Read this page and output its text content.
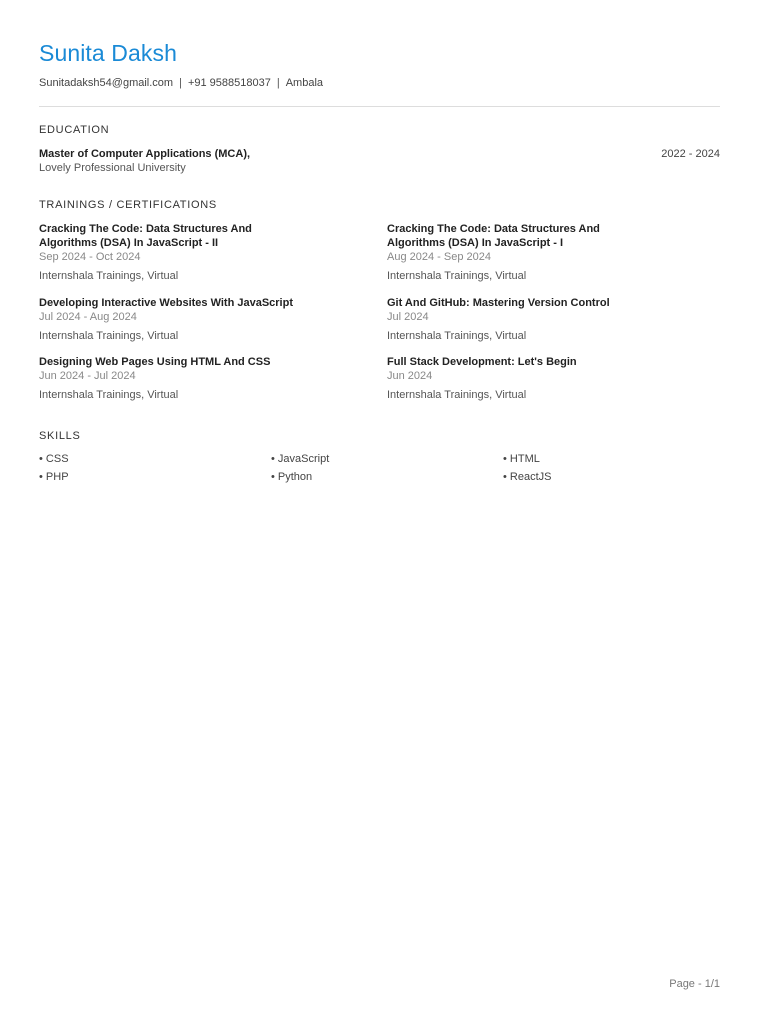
Sunita Daksh
Sunitadaksh54@gmail.com | +91 9588518037 | Ambala
EDUCATION
Master of Computer Applications (MCA),
Lovely Professional University
2022 - 2024
TRAININGS / CERTIFICATIONS
Cracking The Code: Data Structures And Algorithms (DSA) In JavaScript - II
Sep 2024 - Oct 2024
Internshala Trainings, Virtual
Cracking The Code: Data Structures And Algorithms (DSA) In JavaScript - I
Aug 2024 - Sep 2024
Internshala Trainings, Virtual
Developing Interactive Websites With JavaScript
Jul 2024 - Aug 2024
Internshala Trainings, Virtual
Git And GitHub: Mastering Version Control
Jul 2024
Internshala Trainings, Virtual
Designing Web Pages Using HTML And CSS
Jun 2024 - Jul 2024
Internshala Trainings, Virtual
Full Stack Development: Let's Begin
Jun 2024
Internshala Trainings, Virtual
SKILLS
• CSS	• JavaScript	• HTML
• PHP	• Python	• ReactJS
Page - 1/1
